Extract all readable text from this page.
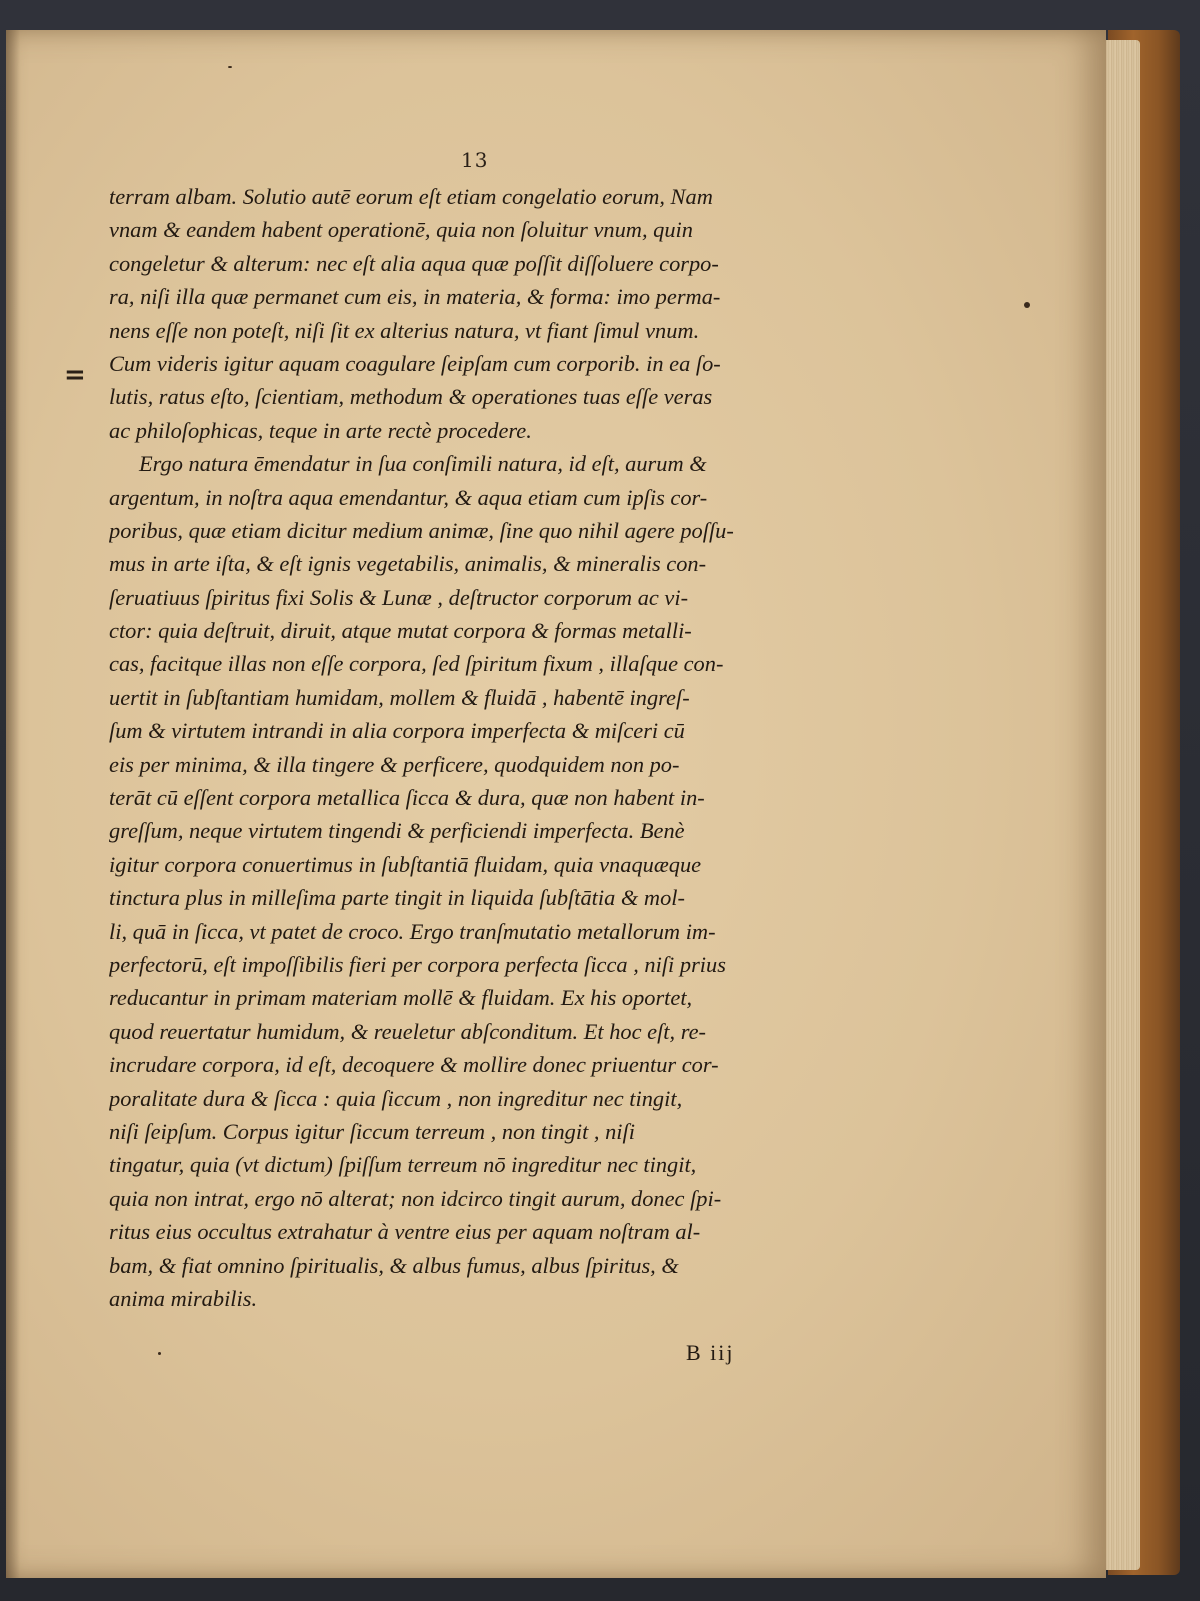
13
=
terram albam. Solutio autē eorum eſt etiam congelatio eorum, Nam
vnam & eandem habent operationē, quia non ſoluitur vnum, quin
congeletur & alterum: nec eſt alia aqua quæ poſſit diſſoluere corpo-
ra, niſi illa quæ permanet cum eis, in materia, & forma: imo perma-
nens eſſe non poteſt, niſi ſit ex alterius natura, vt fiant ſimul vnum.
Cum videris igitur aquam coagulare ſeipſam cum corporib. in ea ſo-
lutis, ratus eſto, ſcientiam, methodum & operationes tuas eſſe veras
ac philoſophicas, teque in arte rectè procedere.
Ergo natura ēmendatur in ſua conſimili natura, id eſt, aurum &
argentum, in noſtra aqua emendantur, & aqua etiam cum ipſis cor-
poribus, quæ etiam dicitur medium animæ, ſine quo nihil agere poſſu-
mus in arte iſta, & eſt ignis vegetabilis, animalis, & mineralis con-
ſeruatiuus ſpiritus fixi Solis & Lunæ , deſtructor corporum ac vi-
ctor: quia deſtruit, diruit, atque mutat corpora & formas metalli-
cas, facitque illas non eſſe corpora, ſed ſpiritum fixum , illaſque con-
uertit in ſubſtantiam humidam, mollem & fluidā , habentē ingreſ-
ſum & virtutem intrandi in alia corpora imperfecta & miſceri cū
eis per minima, & illa tingere & perficere, quodquidem non po-
terāt cū eſſent corpora metallica ſicca & dura, quæ non habent in-
greſſum, neque virtutem tingendi & perficiendi imperfecta. Benè
igitur corpora conuertimus in ſubſtantiā fluidam, quia vnaquæque
tinctura plus in milleſima parte tingit in liquida ſubſtātia & mol-
li, quā in ſicca, vt patet de croco. Ergo tranſmutatio metallorum im-
perfectorū, eſt impoſſibilis fieri per corpora perfecta ſicca , niſi prius
reducantur in primam materiam mollē & fluidam. Ex his oportet,
quod reuertatur humidum, & reueletur abſconditum. Et hoc eſt, re-
incrudare corpora, id eſt, decoquere & mollire donec priuentur cor-
poralitate dura & ſicca : quia ſiccum , non ingreditur nec tingit,
niſi ſeipſum. Corpus igitur ſiccum terreum , non tingit , niſi
tingatur, quia (vt dictum) ſpiſſum terreum nō ingreditur nec tingit,
quia non intrat, ergo nō alterat; non idcirco tingit aurum, donec ſpi-
ritus eius occultus extrahatur à ventre eius per aquam noſtram al-
bam, & fiat omnino ſpiritualis, & albus fumus, albus ſpiritus, &
anima mirabilis.
B iij
